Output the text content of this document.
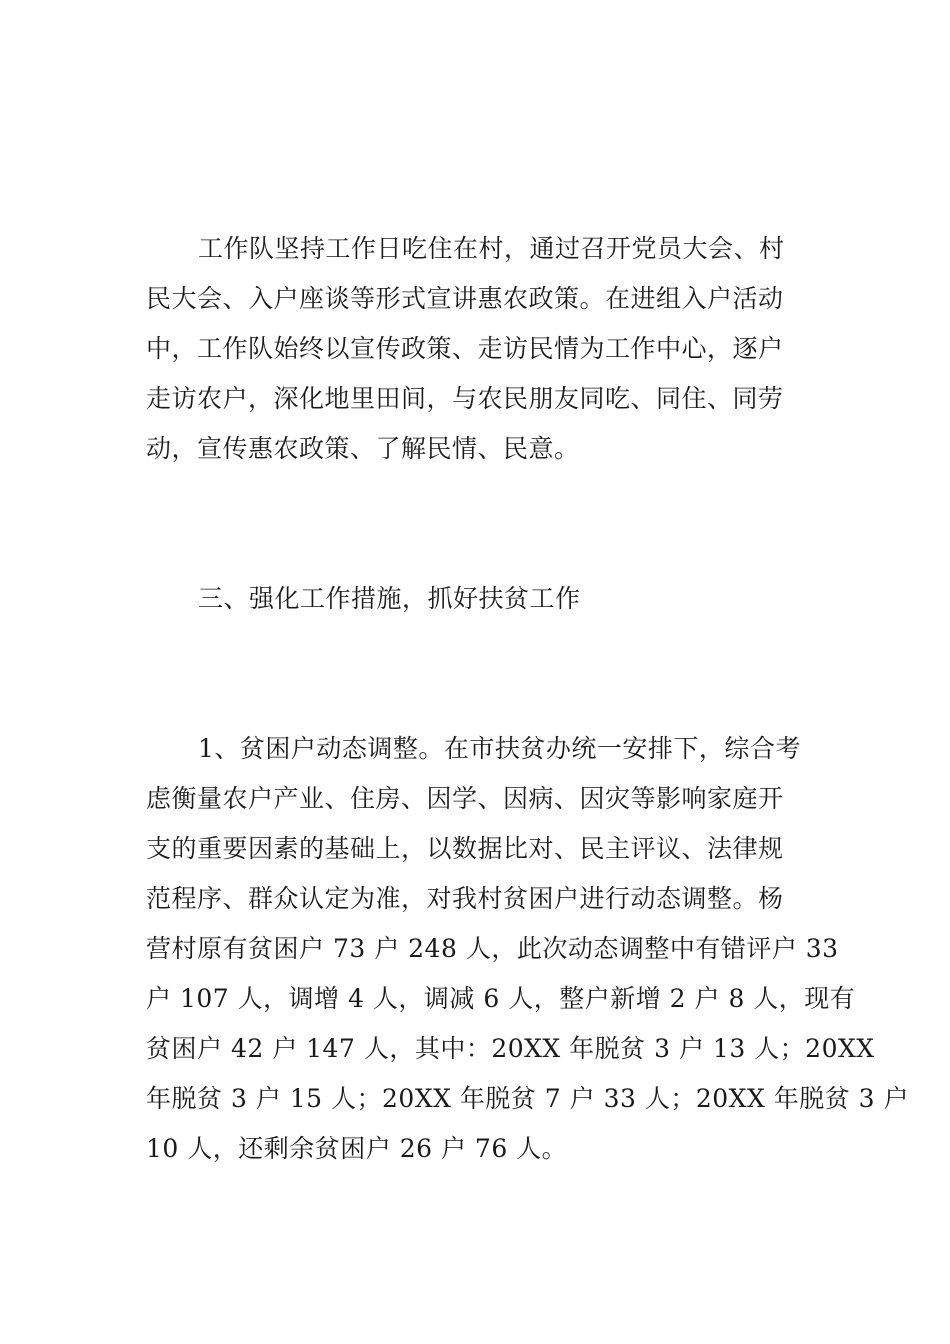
工作队坚持工作日吃住在村，通过召开党员大会、村
民大会、入户座谈等形式宣讲惠农政策。在进组入户活动
中，工作队始终以宣传政策、走访民情为工作中心，逐户
走访农户，深化地里田间，与农民朋友同吃、同住、同劳
动，宣传惠农政策、了解民情、民意。
三、强化工作措施，抓好扶贫工作
1、贫困户动态调整。在市扶贫办统一安排下，综合考
虑衡量农户产业、住房、因学、因病、因灾等影响家庭开
支的重要因素的基础上，以数据比对、民主评议、法律规
范程序、群众认定为准，对我村贫困户进行动态调整。杨
营村原有贫困户 73 户 248 人，此次动态调整中有错评户 33
户 107 人，调增 4 人，调减 6 人，整户新增 2 户 8 人，现有
贫困户 42 户 147 人，其中：20XX 年脱贫 3 户 13 人；20XX
年脱贫 3 户 15 人；20XX 年脱贫 7 户 33 人；20XX 年脱贫 3 户
10 人，还剩余贫困户 26 户 76 人。
